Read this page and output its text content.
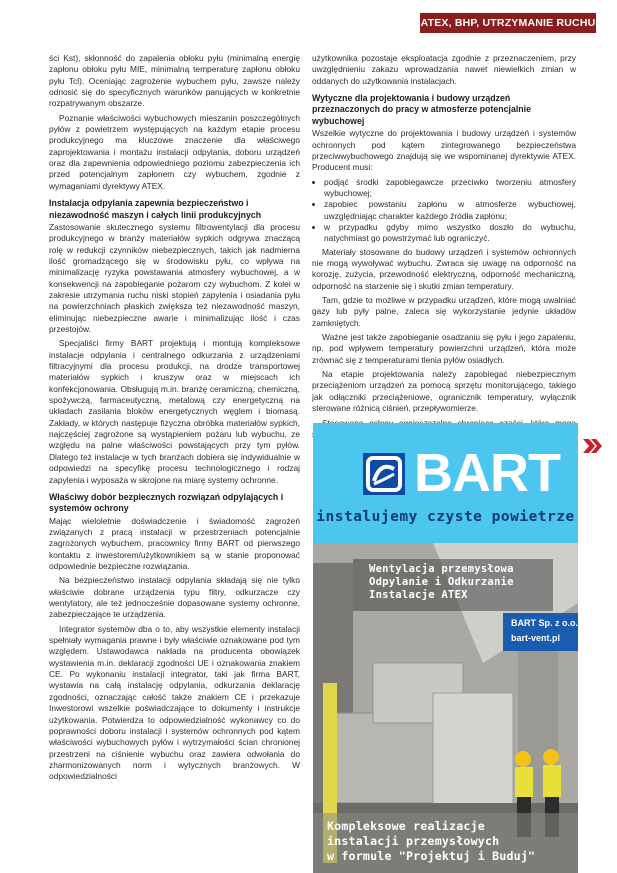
ATEX, BHP, UTRZYMANIE RUCHU

ści Kst), skłonność do zapalenia obłoku pyłu (minimalną energię zapłonu obłoku pyłu MIE, minimalną temperaturę zapłonu obłoku pyłu Tcl). Oceniając zagrożenie wybuchem pyłu, zawsze należy odnosić się do specyficznych warunków panujących w konkretnie rozpatrywanym obszarze.

Poznanie właściwości wybuchowych mieszanin poszczególnych pyłów z powietrzem występujących na każdym etapie procesu produkcyjnego ma kluczowe znaczenie dla właściwego zaprojektowania i montażu instalacji odpylania, doboru urządzeń oraz dla zapewnienia odpowiedniego poziomu zabezpieczenia ich przed potencjalnym zapłonem czy wybuchem, zgodnie z wymaganiami dyrektywy ATEX.

Instalacja odpylania zapewnia bezpieczeństwo i niezawodność maszyn i całych linii produkcyjnych

Zastosowanie skutecznego systemu filtrowentylacji dla procesu produkcyjnego w branży materiałów sypkich odgrywa znaczącą rolę w redukcji czynników niebezpiecznych, takich jak nadmierna ilość gromadzącego się w środowisku pyłu, co wpływa na minimalizację ryzyka powstawania atmosfery wybuchowej, a w konsekwencji na zapobieganie pożarom czy wybuchom. Z kolei w zakresie utrzymania ruchu niski stopień zapylenia i osiadania pyłu na powierzchniach płaskich zwiększa też niezawodność maszyn, eliminując niebezpieczne awarie i minimalizując ilość i czas przestojów.

Specjaliści firmy BART projektują i montują kompleksowe instalacje odpylania i centralnego odkurzania z urządzeniami filtracyjnymi dla procesu produkcji, na drodze transportowej materiałów sypkich i kruszyw oraz w miejscach ich konfekcjonowania. Obsługują m.in. branżę ceramiczną, chemiczną, spożywczą, farmaceutyczną, metalową czy energetyczną na układach zasilania bloków energetycznych węglem i biomasą. Zakłady, w których następuje fizyczna obróbka materiałów sypkich, najczęściej zagrożone są wystąpieniem pożaru lub wybuchu, ze względu na palne właściwości powstających przy tym pyłów. Dlatego też instalacje w tych branżach dobiera się indywidualnie w odpowiedzi na specyfikę procesu technologicznego i rodzaj zapylenia i wyposaża w skrojone na miarę systemy ochronne.

Właściwy dobór bezpiecznych rozwiązań odpylających i systemów ochrony

Mając wieloletnie doświadczenie i świadomość zagrożeń związanych z pracą instalacji w przestrzeniach potencjalnie zagrożonych wybuchem, pracownicy firmy BART od pierwszego kontaktu z inwestorem/użytkownikiem są w stanie proponować odpowiednie bezpieczne rozwiązania.

Na bezpieczeństwo instalacji odpylania składają się nie tylko właściwie dobrane urządzenia typu filtry, odkurzacze czy wentylatory, ale też jednocześnie dopasowane systemy ochronne, zabezpieczające te urządzenia.

Integrator systemów dba o to, aby wszystkie elementy instalacji spełniały wymagania prawne i były właściwie oznakowane pod tym względem. Ustawodawca nakłada na producenta obowiązek wystawienia m.in. deklaracji zgodności UE i oznakowania znakiem CE. Po wykonaniu instalacji integrator, taki jak firma BART, wystawia na całą instalację odpylania, odkurzania deklarację zgodności, oznaczając całość także znakiem CE i przekazuje Inwestorowi wszelkie poświadczające to dokumenty i instrukcje użytkowania. Potwierdza to odpowiedzialność wykonawcy co do poprawności doboru instalacji i systemów ochronnych pod kątem właściwości wybuchowych pyłów i wytrzymałości ścian chronionej przestrzeni na ciśnienie wybuchu oraz zawiera odwołania do zharmonizowanych norm i wytycznych branżowych. W odpowiedzialności

użytkownika pozostaje eksploatacja zgodnie z przeznaczeniem, przy uwzględnieniu zakazu wprowadzania nawet niewielkich zmian w oddanych do użytkowania instalacjach.

Wytyczne dla projektowania i budowy urządzeń przeznaczonych do pracy w atmosferze potencjalnie wybuchowej

Wszelkie wytyczne do projektowania i budowy urządzeń i systemów ochronnych pod kątem zintegrowanego bezpieczeństwa przeciwwybuchowego znajdują się we wspominanej dyrektywie ATEX. Producent musi:

• podjąć środki zapobiegawcze przeciwko tworzeniu atmosfery wybuchowej;
• zapobiec powstaniu zapłonu w atmosferze wybuchowej, uwzględniając charakter każdego źródła zapłonu;
• w przypadku gdyby mimo wszystko doszło do wybuchu, natychmiast go powstrzymać lub ograniczyć.

Materiały stosowane do budowy urządzeń i systemów ochronnych nie mogą wywoływać wybuchu. Zwraca się uwagę na odporność na korozję, zużycia, przewodność elektryczną, odporność mechaniczną, odporność na starzenie się i skutki zmian temperatury.

Tam, gdzie to możliwe w przypadku urządzeń, które mogą uwalniać gazy lub pyły palne, zaleca się wykorzystanie jedynie układów zamkniętych.

Ważne jest także zapobieganie osadzaniu się pyłu i jego zapaleniu, np. pod wpływem temperatury powierzchni urządzeń, która może zrównać się z temperaturami tlenia pyłów osiadłych.

Na etapie projektowania należy zapobiegać niebezpiecznym przeciążeniom urządzeń za pomocą sprzętu monitorującego, takiego jak odłączniki przeciążeniowe, ogranicznik temperatury, wyłącznik sterowane różnicą ciśnień, przepływomierze.

BART
instalujemy czyste powietrze
Wentylacja przemysłowa
Odpylanie i Odkurzanie
Instalacje ATEX
BART Sp. z o.o.
bart-vent.pl
Kompleksowe realizacje
instalacji przemysłowych
w formule "Projektuj i Buduj"
